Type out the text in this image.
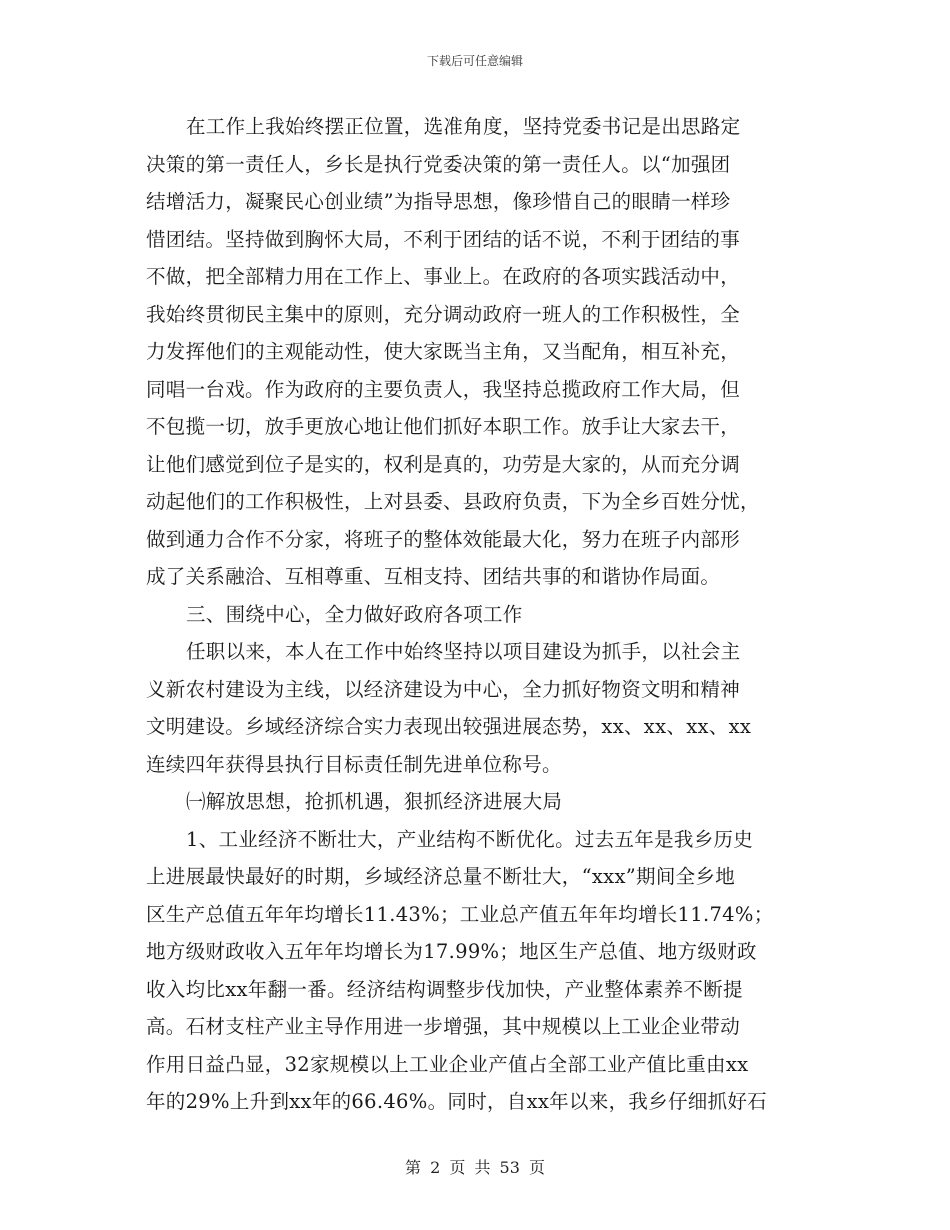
下载后可任意编辑
在工作上我始终摆正位置，选准角度，坚持党委书记是出思路定
决策的第一责任人，乡长是执行党委决策的第一责任人。以“加强团
结增活力，凝聚民心创业绩”为指导思想，像珍惜自己的眼睛一样珍
惜团结。坚持做到胸怀大局，不利于团结的话不说，不利于团结的事
不做，把全部精力用在工作上、事业上。在政府的各项实践活动中，
我始终贯彻民主集中的原则，充分调动政府一班人的工作积极性，全
力发挥他们的主观能动性，使大家既当主角，又当配角，相互补充，
同唱一台戏。作为政府的主要负责人，我坚持总揽政府工作大局，但
不包揽一切，放手更放心地让他们抓好本职工作。放手让大家去干，
让他们感觉到位子是实的，权利是真的，功劳是大家的，从而充分调
动起他们的工作积极性，上对县委、县政府负责，下为全乡百姓分忧，
做到通力合作不分家，将班子的整体效能最大化，努力在班子内部形
成了关系融洽、互相尊重、互相支持、团结共事的和谐协作局面。
三、围绕中心，全力做好政府各项工作
任职以来，本人在工作中始终坚持以项目建设为抓手，以社会主
义新农村建设为主线，以经济建设为中心，全力抓好物资文明和精神
文明建设。乡域经济综合实力表现出较强进展态势，xx、xx、xx、xx
连续四年获得县执行目标责任制先进单位称号。
㈠解放思想，抢抓机遇，狠抓经济进展大局
1、工业经济不断壮大，产业结构不断优化。过去五年是我乡历史
上进展最快最好的时期，乡域经济总量不断壮大，“xxx”期间全乡地
区生产总值五年年均增长11.43%；工业总产值五年年均增长11.74%；
地方级财政收入五年年均增长为17.99%；地区生产总值、地方级财政
收入均比xx年翻一番。经济结构调整步伐加快，产业整体素养不断提
高。石材支柱产业主导作用进一步增强，其中规模以上工业企业带动
作用日益凸显，32家规模以上工业企业产值占全部工业产值比重由xx
年的29%上升到xx年的66.46%。同时，自xx年以来，我乡仔细抓好石
第 2 页 共 53 页
